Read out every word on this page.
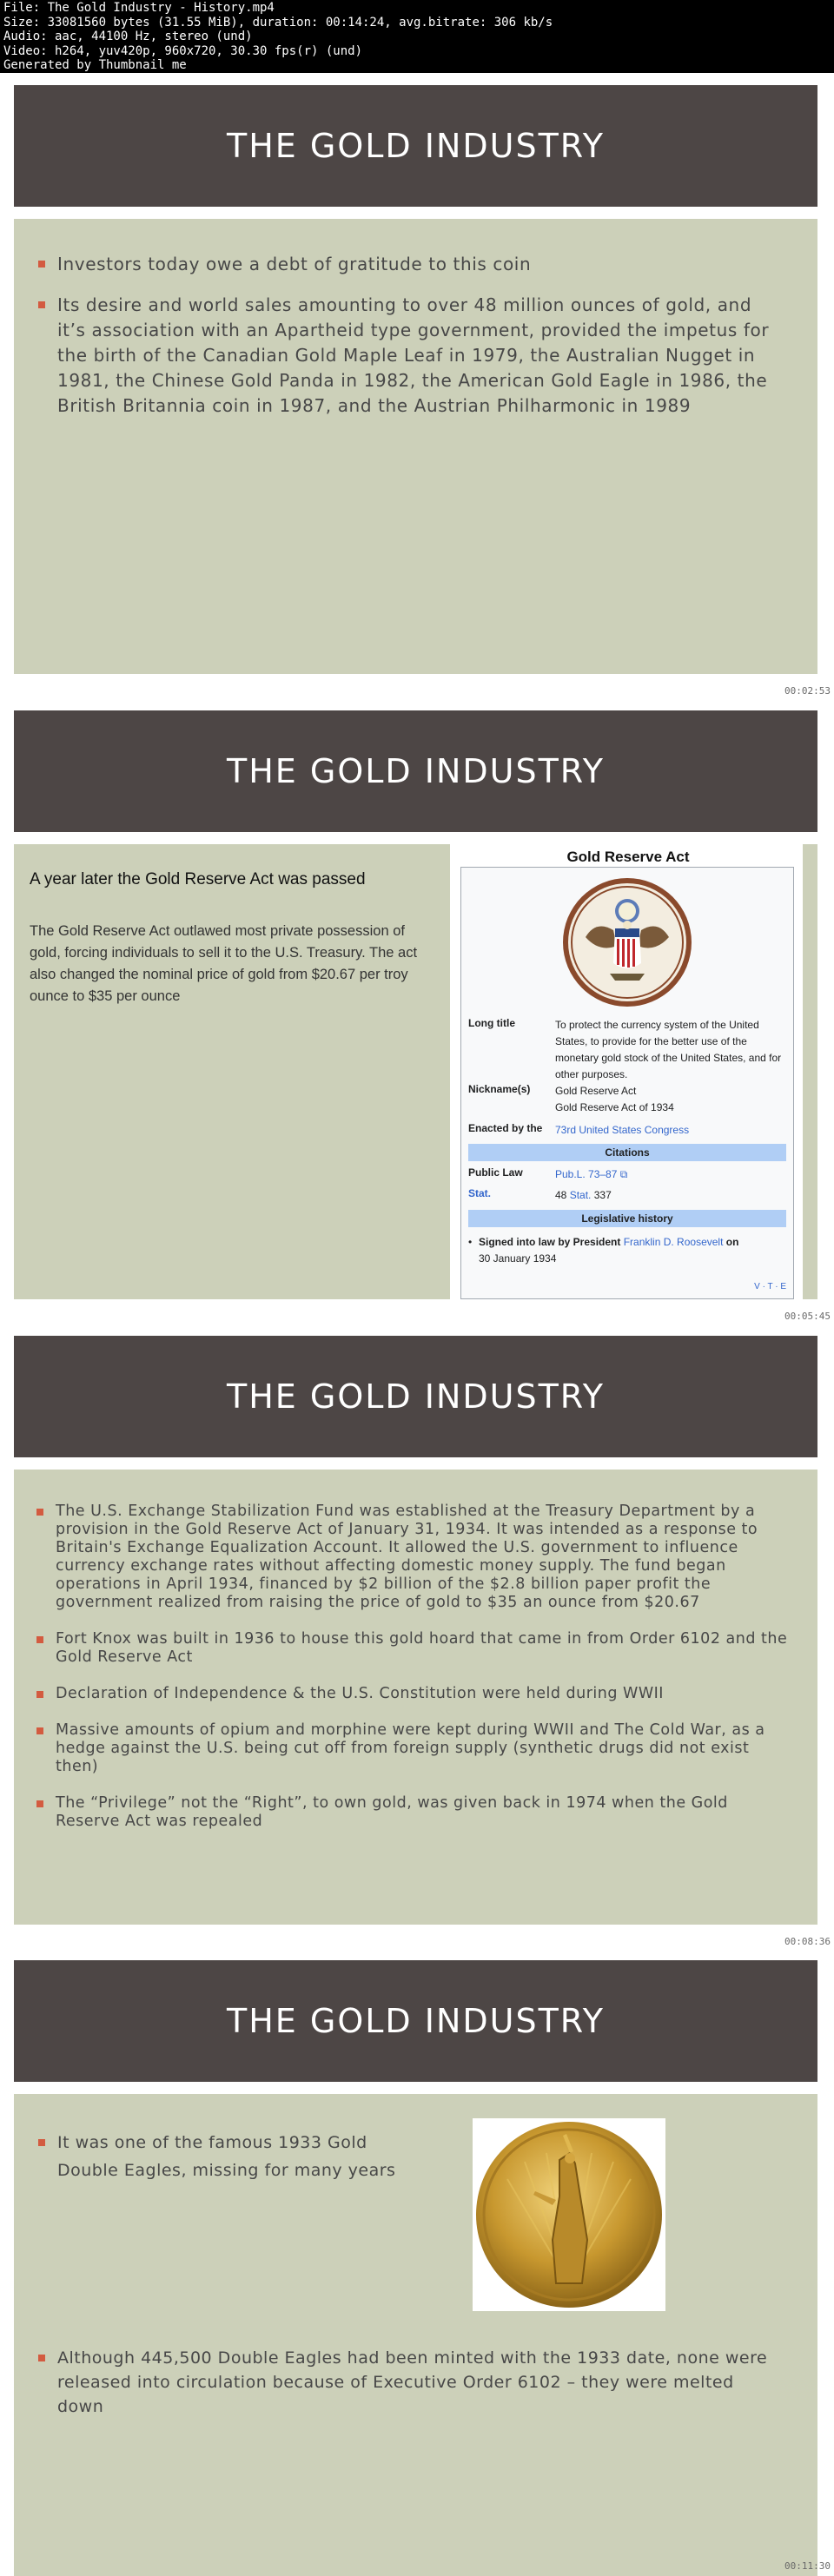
File: The Gold Industry - History.mp4
Size: 33081560 bytes (31.55 MiB), duration: 00:14:24, avg.bitrate: 306 kb/s
Audio: aac, 44100 Hz, stereo (und)
Video: h264, yuv420p, 960x720, 30.30 fps(r) (und)
Generated by Thumbnail me
THE GOLD INDUSTRY
Investors today owe a debt of gratitude to this coin
Its desire and world sales amounting to over 48 million ounces of gold, and it’s association with an Apartheid type government, provided the impetus for the birth of the Canadian Gold Maple Leaf in 1979, the Australian Nugget in 1981, the Chinese Gold Panda in 1982, the American Gold Eagle in 1986, the British Britannia coin in 1987, and the Austrian Philharmonic in 1989
00:02:53
THE GOLD INDUSTRY
A year later the Gold Reserve Act was passed
The Gold Reserve Act outlawed most private possession of gold, forcing individuals to sell it to the U.S. Treasury. The act also changed the nominal price of gold from $20.67 per troy ounce to $35 per ounce
Gold Reserve Act
Long title	To protect the currency system of the United States, to provide for the better use of the monetary gold stock of the United States, and for other purposes.
Nickname(s)	Gold Reserve Act
Gold Reserve Act of 1934
Enacted by the	73rd United States Congress
Citations
Public Law	Pub.L. 73–87 ⧉
Stat.	48 Stat. 337
Legislative history
• Signed into law by President Franklin D. Roosevelt on
30 January 1934
V · T · E
00:05:45
THE GOLD INDUSTRY
The U.S. Exchange Stabilization Fund was established at the Treasury Department by a provision in the Gold Reserve Act of January 31, 1934. It was intended as a response to Britain's Exchange Equalization Account. It allowed the U.S. government to influence currency exchange rates without affecting domestic money supply. The fund began operations in April 1934, financed by $2 billion of the $2.8 billion paper profit the government realized from raising the price of gold to $35 an ounce from $20.67
Fort Knox was built in 1936 to house this gold hoard that came in from Order 6102 and the Gold Reserve Act
Declaration of Independence & the U.S. Constitution were held during WWII
Massive amounts of opium and morphine were kept during WWII and The Cold War, as a hedge against the U.S. being cut off from foreign supply (synthetic drugs did not exist then)
The “Privilege” not the “Right”, to own gold, was given back in 1974 when the Gold Reserve Act was repealed
00:08:36
THE GOLD INDUSTRY
It was one of the famous 1933 Gold Double Eagles, missing for many years
Although 445,500 Double Eagles had been minted with the 1933 date, none were released into circulation because of Executive Order 6102 – they were melted down
00:11:30
